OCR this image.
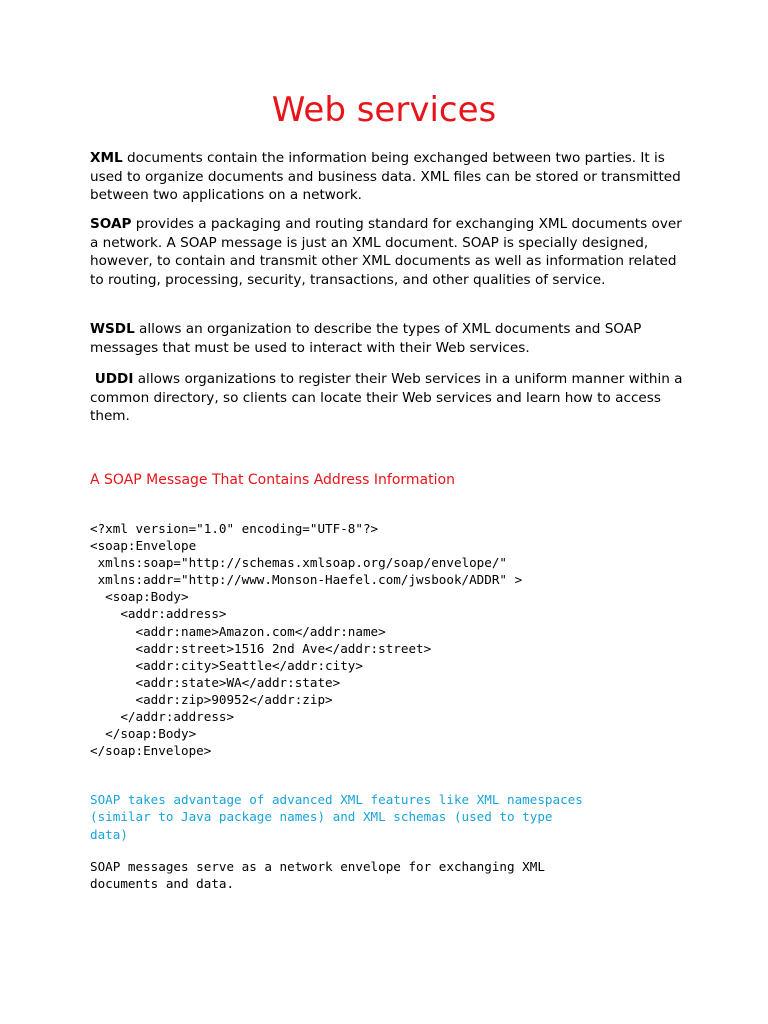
Web services

XML documents contain the information being exchanged between two parties. It is used to organize documents and business data. XML files can be stored or transmitted between two applications on a network.

SOAP provides a packaging and routing standard for exchanging XML documents over a network. A SOAP message is just an XML document. SOAP is specially designed, however, to contain and transmit other XML documents as well as information related to routing, processing, security, transactions, and other qualities of service.

WSDL allows an organization to describe the types of XML documents and SOAP messages that must be used to interact with their Web services.

UDDI allows organizations to register their Web services in a uniform manner within a common directory, so clients can locate their Web services and learn how to access them.

A SOAP Message That Contains Address Information
<?xml version="1.0" encoding="UTF-8"?>
<soap:Envelope
xmlns:soap="http://schemas.xmlsoap.org/soap/envelope/"
xmlns:addr="http://www.Monson-Haefel.com/jwsbook/ADDR" >
<soap:Body>
<addr:address>
<addr:name>Amazon.com</addr:name>
<addr:street>1516 2nd Ave</addr:street>
<addr:city>Seattle</addr:city>
<addr:state>WA</addr:state>
<addr:zip>90952</addr:zip>
</addr:address>
</soap:Body>
</soap:Envelope>
SOAP takes advantage of advanced XML features like XML namespaces
(similar to Java package names) and XML schemas (used to type
data)
SOAP messages serve as a network envelope for exchanging XML
documents and data.
